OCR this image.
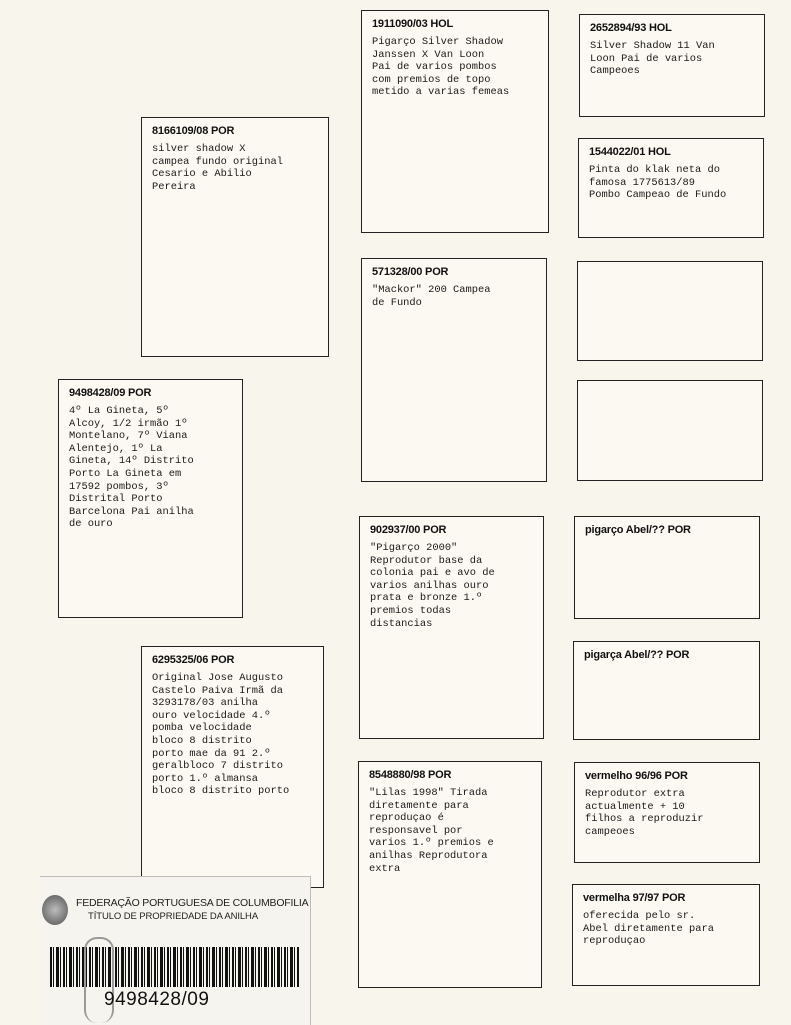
1911090/03 HOL
Pigarço Silver Shadow
Janssen X Van Loon
Pai de varios pombos
com premios de topo
metido a varias femeas
2652894/93 HOL
Silver Shadow 11 Van
Loon Pai de varios
Campeoes
8166109/08 POR
silver shadow X
campea fundo original
Cesario e Abilio
Pereira
1544022/01 HOL
Pinta do klak neta do
famosa 1775613/89
Pombo Campeao de Fundo
571328/00 POR
"Mackor" 200 Campea
de Fundo
9498428/09 POR
4º La Gineta, 5º
Alcoy, 1/2 irmão 1º
Montelano, 7º Viana
Alentejo, 1º La
Gineta, 14º Distrito
Porto La Gineta em
17592 pombos, 3º
Distrital Porto
Barcelona Pai anilha
de ouro	902937/00 POR
"Pigarço 2000"
Reprodutor base da
colonia pai e avo de
varios anilhas ouro
prata e bronze 1.º
premios todas
distancias
pigarço Abel/?? POR
6295325/06 POR
Original Jose Augusto
Castelo Paiva Irmã da
3293178/03 anilha
ouro velocidade 4.º
pomba velocidade
bloco 8 distrito
porto mae da 91 2.º
geralbloco 7 distrito
porto 1.º almansa
bloco 8 distrito porto
pigarça Abel/?? POR
8548880/98 POR
"Lilas 1998" Tirada
diretamente para
reproduçao é
responsavel por
varios 1.º premios e
anilhas Reprodutora
extra
vermelho 96/96 POR
Reprodutor extra
actualmente + 10
filhos a reproduzir
campeoes
vermelha 97/97 POR
oferecida pelo sr.
Abel diretamente para
reproduçao
FEDERAÇÃO PORTUGUESA DE COLUMBOFILIA
TÍTULO DE PROPRIEDADE DA ANILHA
9498428/09
